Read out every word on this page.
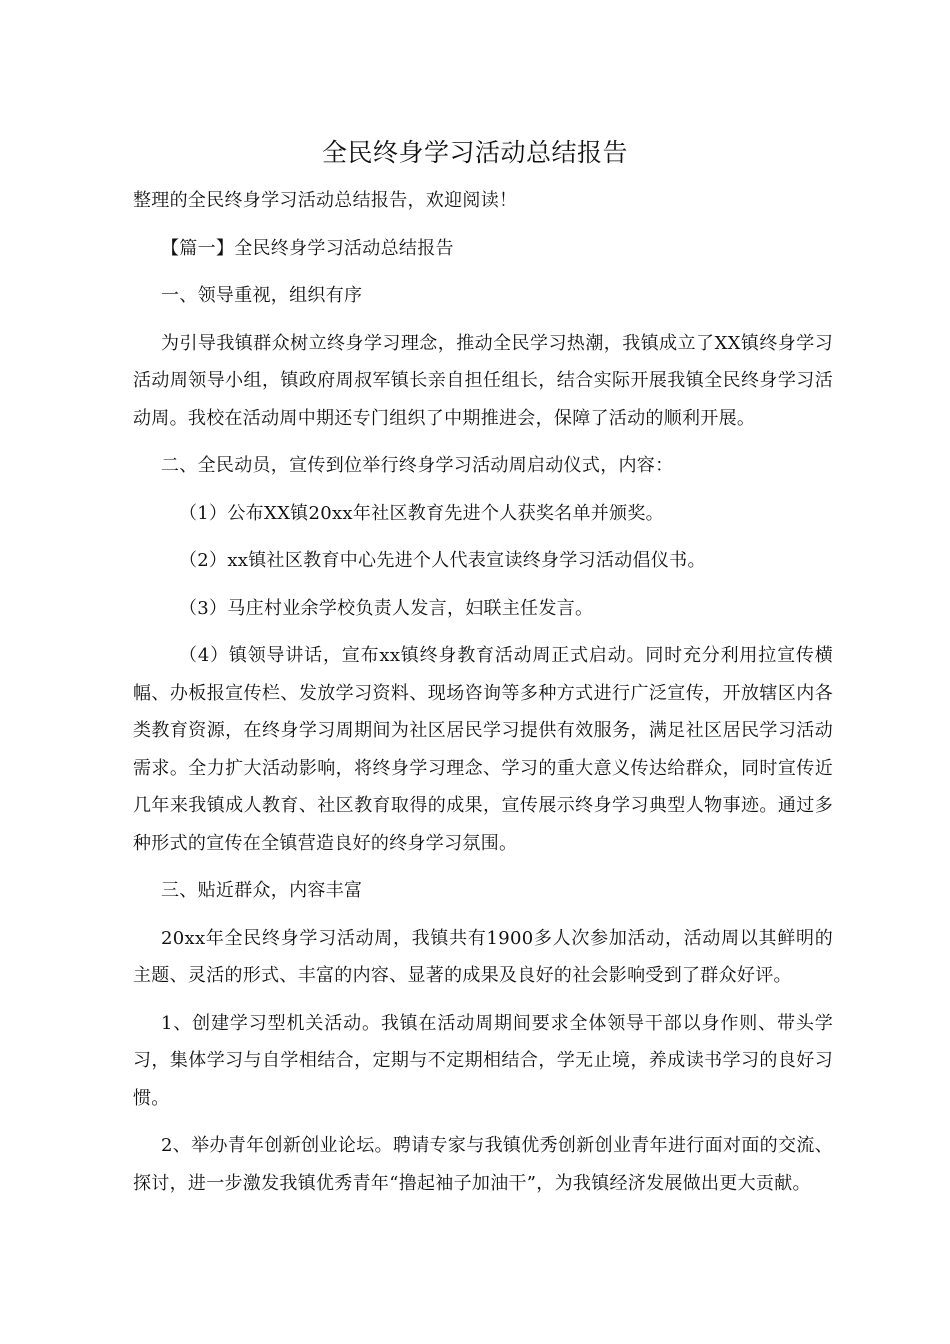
全民终身学习活动总结报告

整理的全民终身学习活动总结报告，欢迎阅读！

【篇一】全民终身学习活动总结报告

一、领导重视，组织有序

为引导我镇群众树立终身学习理念，推动全民学习热潮，我镇成立了XX镇终身学习活动周领导小组，镇政府周叔军镇长亲自担任组长，结合实际开展我镇全民终身学习活动周。我校在活动周中期还专门组织了中期推进会，保障了活动的顺利开展。

二、全民动员，宣传到位举行终身学习活动周启动仪式，内容：

（1）公布XX镇20xx年社区教育先进个人获奖名单并颁奖。

（2）xx镇社区教育中心先进个人代表宣读终身学习活动倡仪书。

（3）马庄村业余学校负责人发言，妇联主任发言。

（4）镇领导讲话，宣布xx镇终身教育活动周正式启动。同时充分利用拉宣传横幅、办板报宣传栏、发放学习资料、现场咨询等多种方式进行广泛宣传，开放辖区内各类教育资源，在终身学习周期间为社区居民学习提供有效服务，满足社区居民学习活动需求。全力扩大活动影响，将终身学习理念、学习的重大意义传达给群众，同时宣传近几年来我镇成人教育、社区教育取得的成果，宣传展示终身学习典型人物事迹。通过多种形式的宣传在全镇营造良好的终身学习氛围。

三、贴近群众，内容丰富

20xx年全民终身学习活动周，我镇共有1900多人次参加活动，活动周以其鲜明的主题、灵活的形式、丰富的内容、显著的成果及良好的社会影响受到了群众好评。

1、创建学习型机关活动。我镇在活动周期间要求全体领导干部以身作则、带头学习，集体学习与自学相结合，定期与不定期相结合，学无止境，养成读书学习的良好习惯。

2、举办青年创新创业论坛。聘请专家与我镇优秀创新创业青年进行面对面的交流、探讨，进一步激发我镇优秀青年“撸起袖子加油干”，为我镇经济发展做出更大贡献。
